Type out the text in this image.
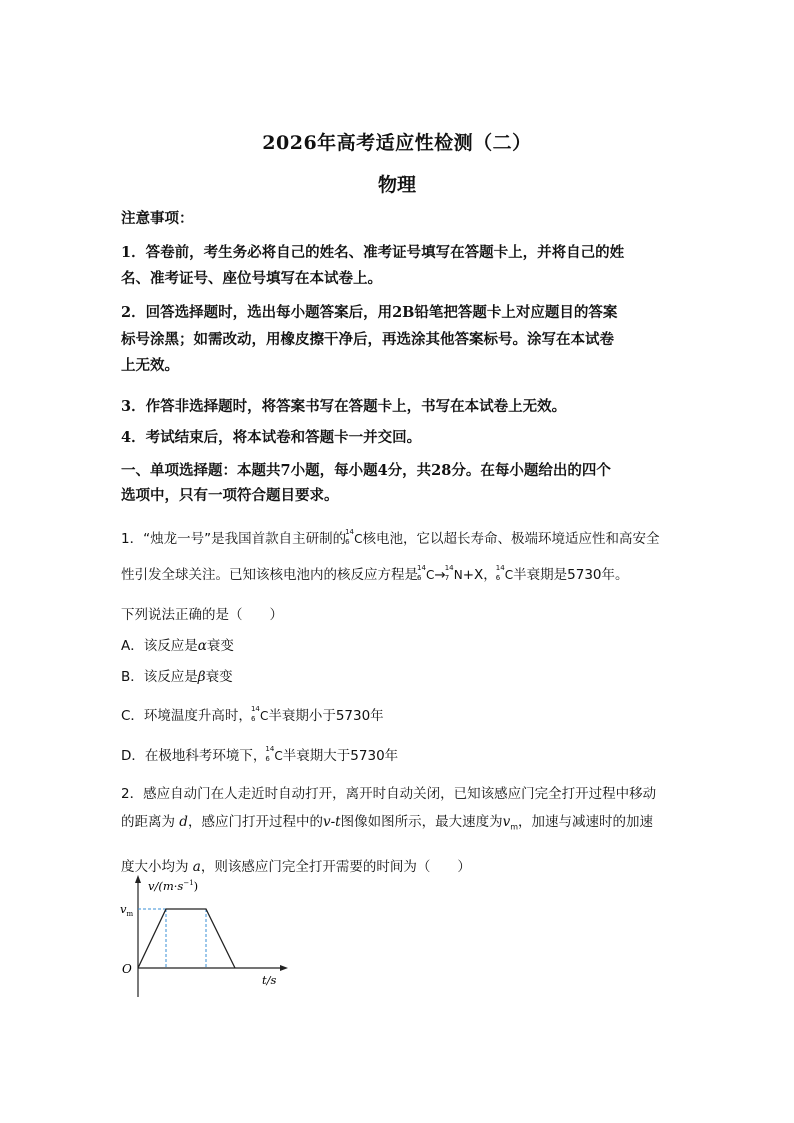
2026年高考适应性检测（二）
物理
注意事项：
1．答卷前，考生务必将自己的姓名、准考证号填写在答题卡上，并将自己的姓
名、准考证号、座位号填写在本试卷上。
2．回答选择题时，选出每小题答案后，用2B铅笔把答题卡上对应题目的答案
标号涂黑；如需改动，用橡皮擦干净后，再选涂其他答案标号。涂写在本试卷
上无效。
3．作答非选择题时，将答案书写在答题卡上，书写在本试卷上无效。
4．考试结束后，将本试卷和答题卡一并交回。
一、单项选择题：本题共7小题，每小题4分，共28分。在每小题给出的四个
选项中，只有一项符合题目要求。
1．“烛龙一号”是我国首款自主研制的 14
6 C核电池，它以超长寿命、极端环境适应性和高安全
性引发全球关注。已知该核电池内的核反应方程是 14
6 C→ 14
7 N+X， 14
6 C半衰期是5730年。
下列说法正确的是（　　）
A．该反应是α衰变
B．该反应是β衰变
C．环境温度升高时， 14
6 C半衰期小于5730年
D．在极地科考环境下， 14
6 C半衰期大于5730年
2．感应自动门在人走近时自动打开，离开时自动关闭，已知该感应门完全打开过程中移动
的距离为 d，感应门打开过程中的v-t图像如图所示，最大速度为$v_m$，加速与减速时的加速
度大小均为 a，则该感应门完全打开需要的时间为（　　）
$v/(m\cdot s^{-1})$
$v_m$
O
t/s
